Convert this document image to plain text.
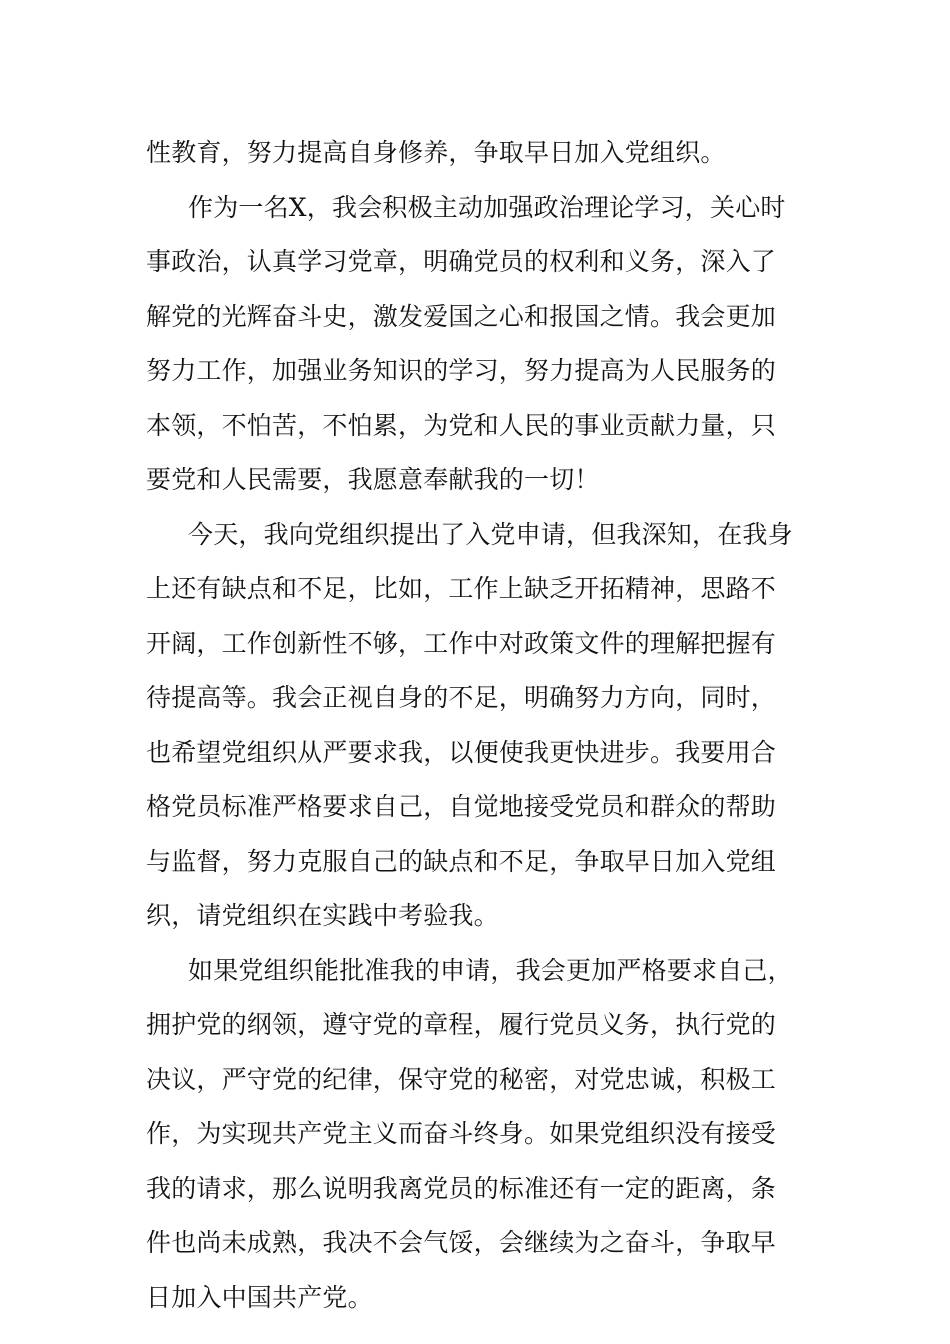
性教育，努力提高自身修养，争取早日加入党组织。
作为一名X，我会积极主动加强政治理论学习，关心时
事政治，认真学习党章，明确党员的权利和义务，深入了
解党的光辉奋斗史，激发爱国之心和报国之情。我会更加
努力工作，加强业务知识的学习，努力提高为人民服务的
本领，不怕苦，不怕累，为党和人民的事业贡献力量，只
要党和人民需要，我愿意奉献我的一切！
今天，我向党组织提出了入党申请，但我深知，在我身
上还有缺点和不足，比如，工作上缺乏开拓精神，思路不
开阔，工作创新性不够，工作中对政策文件的理解把握有
待提高等。我会正视自身的不足，明确努力方向，同时，
也希望党组织从严要求我，以便使我更快进步。我要用合
格党员标准严格要求自己，自觉地接受党员和群众的帮助
与监督，努力克服自己的缺点和不足，争取早日加入党组
织，请党组织在实践中考验我。
如果党组织能批准我的申请，我会更加严格要求自己，
拥护党的纲领，遵守党的章程，履行党员义务，执行党的
决议，严守党的纪律，保守党的秘密，对党忠诚，积极工
作，为实现共产党主义而奋斗终身。如果党组织没有接受
我的请求，那么说明我离党员的标准还有一定的距离，条
件也尚未成熟，我决不会气馁，会继续为之奋斗，争取早
日加入中国共产党。
